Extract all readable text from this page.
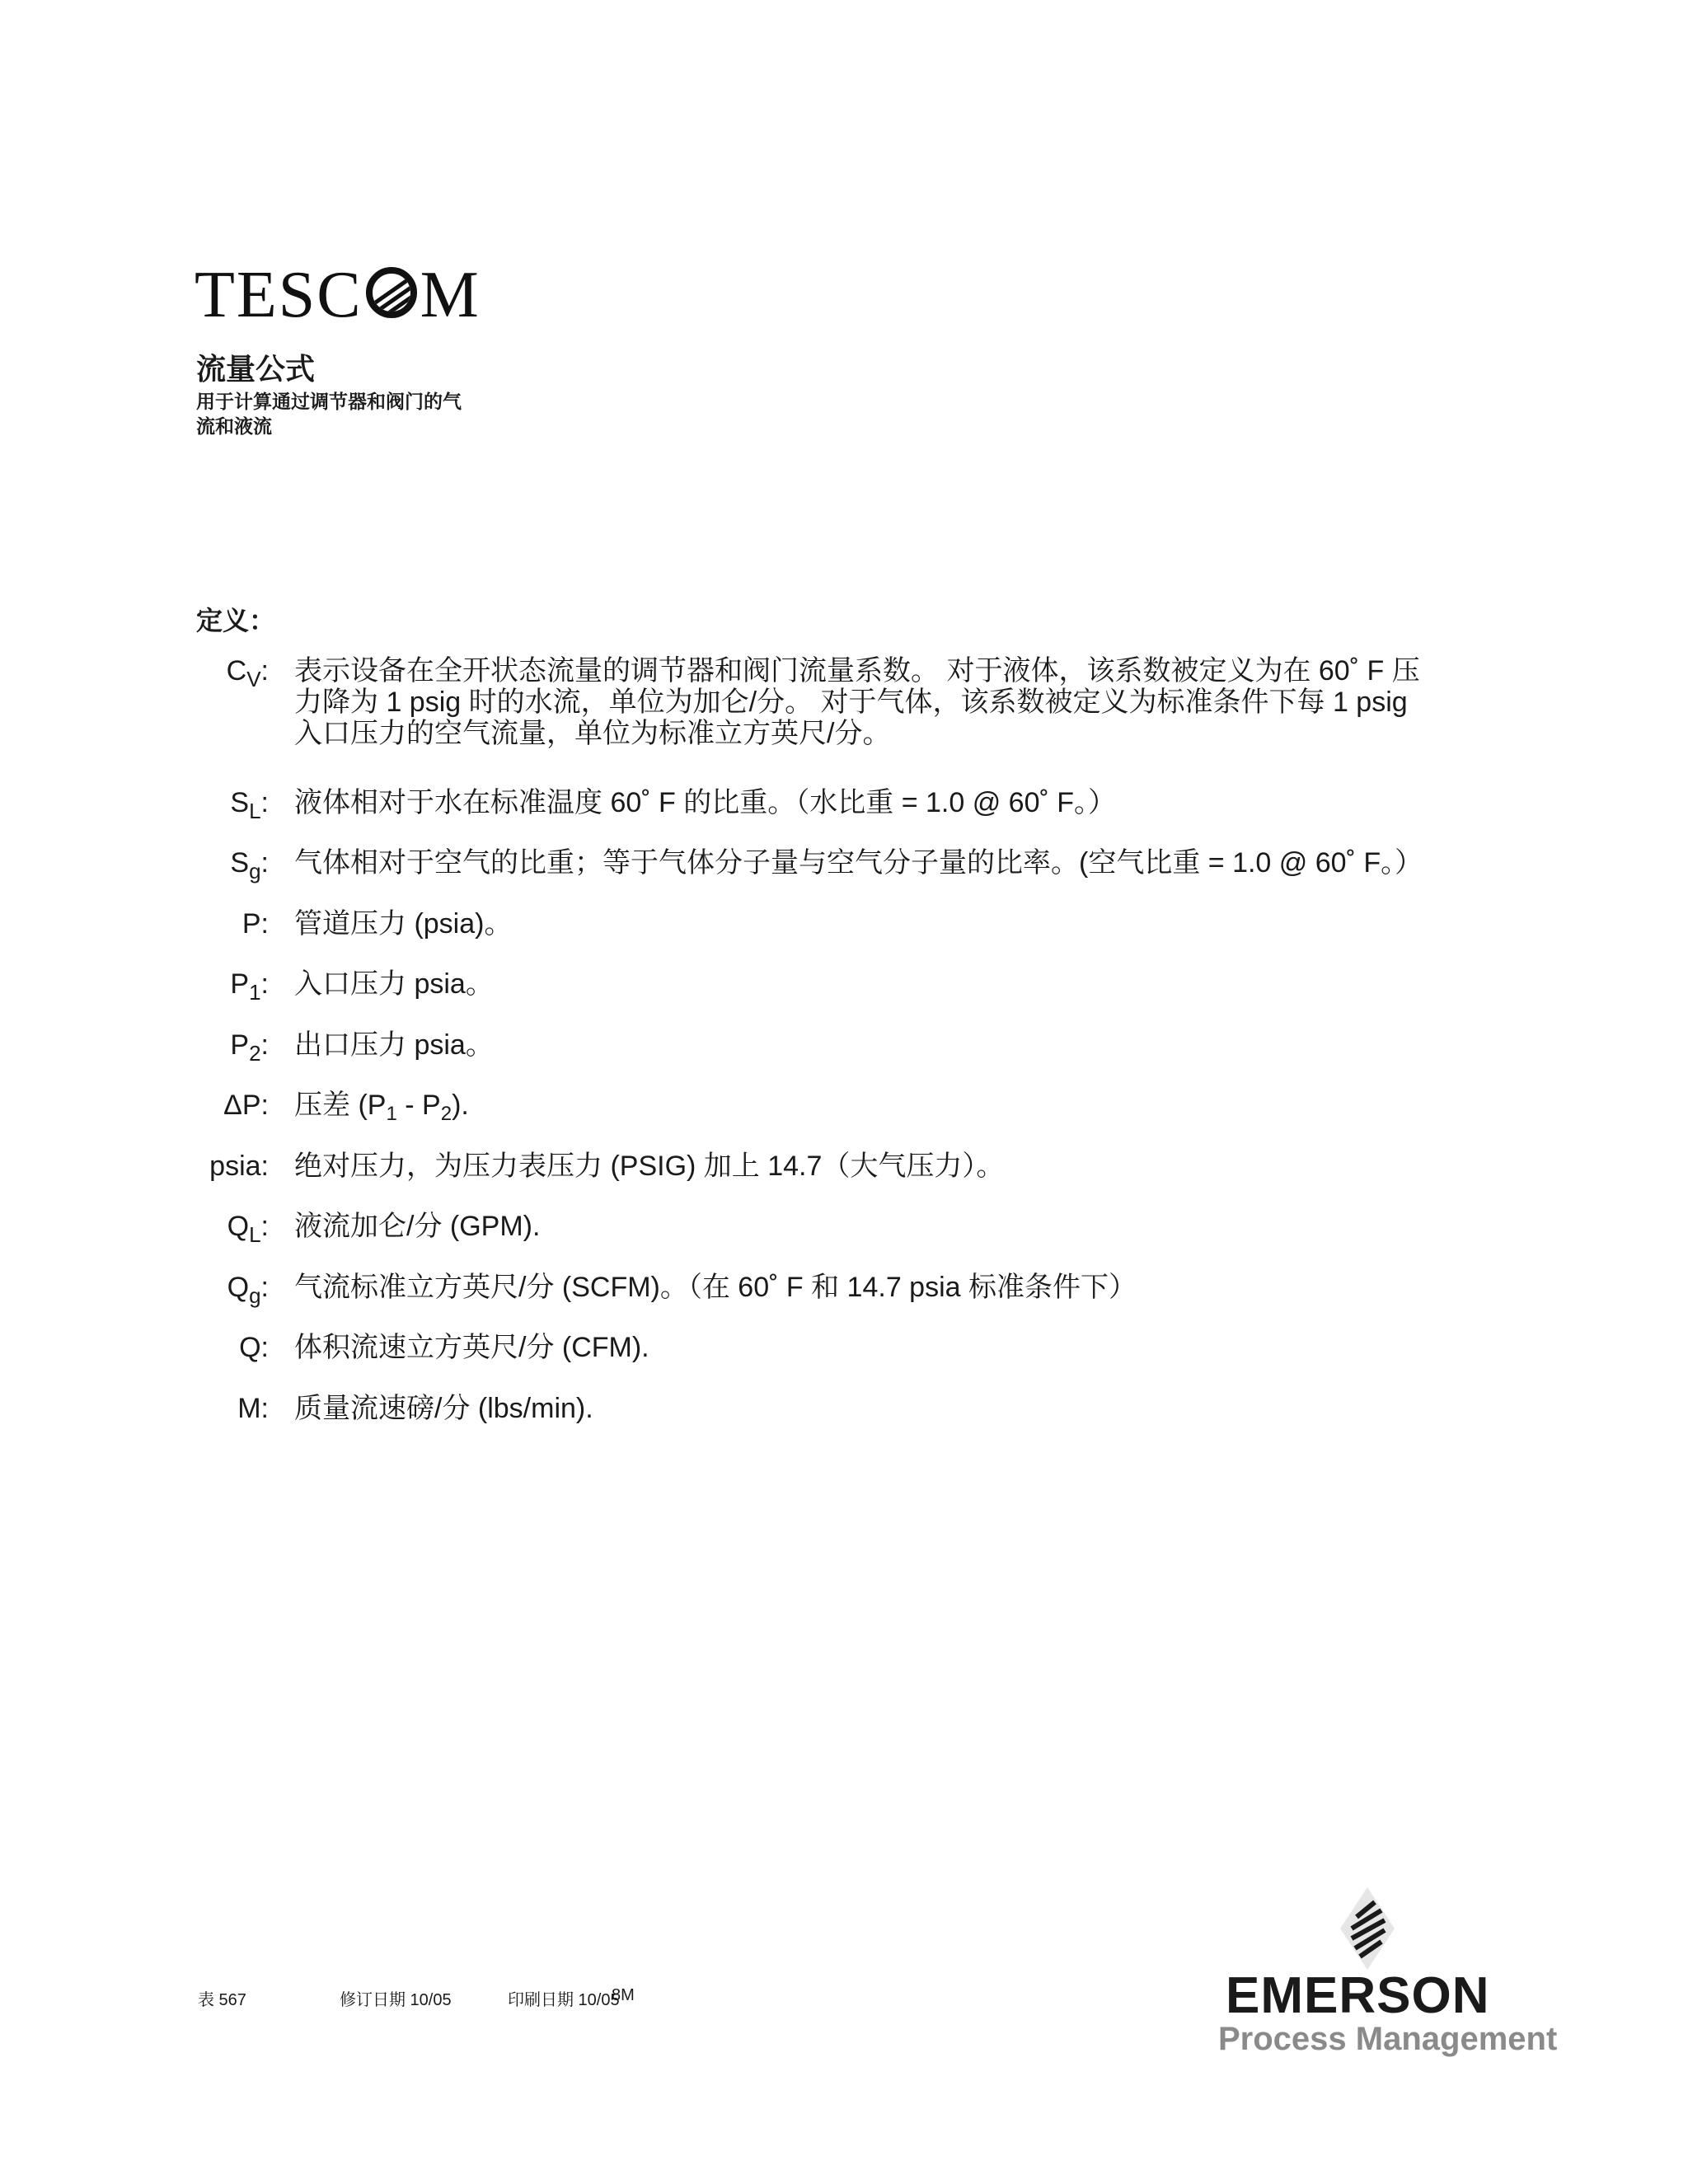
TESC M
流量公式
用于计算通过调节器和阀门的气
流和液流
定义：
$C_V$: 表示设备在全开状态流量的调节器和阀门流量系数。 对于液体，该系数被定义为在 60˚ F 压
力降为 1 psig 时的水流，单位为加仑/分。 对于气体，该系数被定义为标准条件下每 1 psig
入口压力的空气流量，单位为标准立方英尺/分。
$S_L$: 液体相对于水在标准温度 60˚ F 的比重。（水比重 = 1.0 @ 60˚ F。）
$S_g$: 气体相对于空气的比重；等于气体分子量与空气分子量的比率。(空气比重 = 1.0 @ 60˚ F。）
P: 管道压力 (psia)。
$P_1$: 入口压力 psia。
$P_2$: 出口压力 psia。
ΔP: 压差 $(P_1 - P_2)$.
psia: 绝对压力，为压力表压力 (PSIG) 加上 14.7（大气压力）。
$Q_L$: 液流加仑/分 (GPM).
$Q_g$: 气流标准立方英尺/分 (SCFM)。（在 60˚ F 和 14.7 psia 标准条件下）
Q: 体积流速立方英尺/分 (CFM).
M: 质量流速磅/分 (lbs/min).
表 567	修订日期 10/05	印刷日期 10/05
8M	EMERSON
Process Management
